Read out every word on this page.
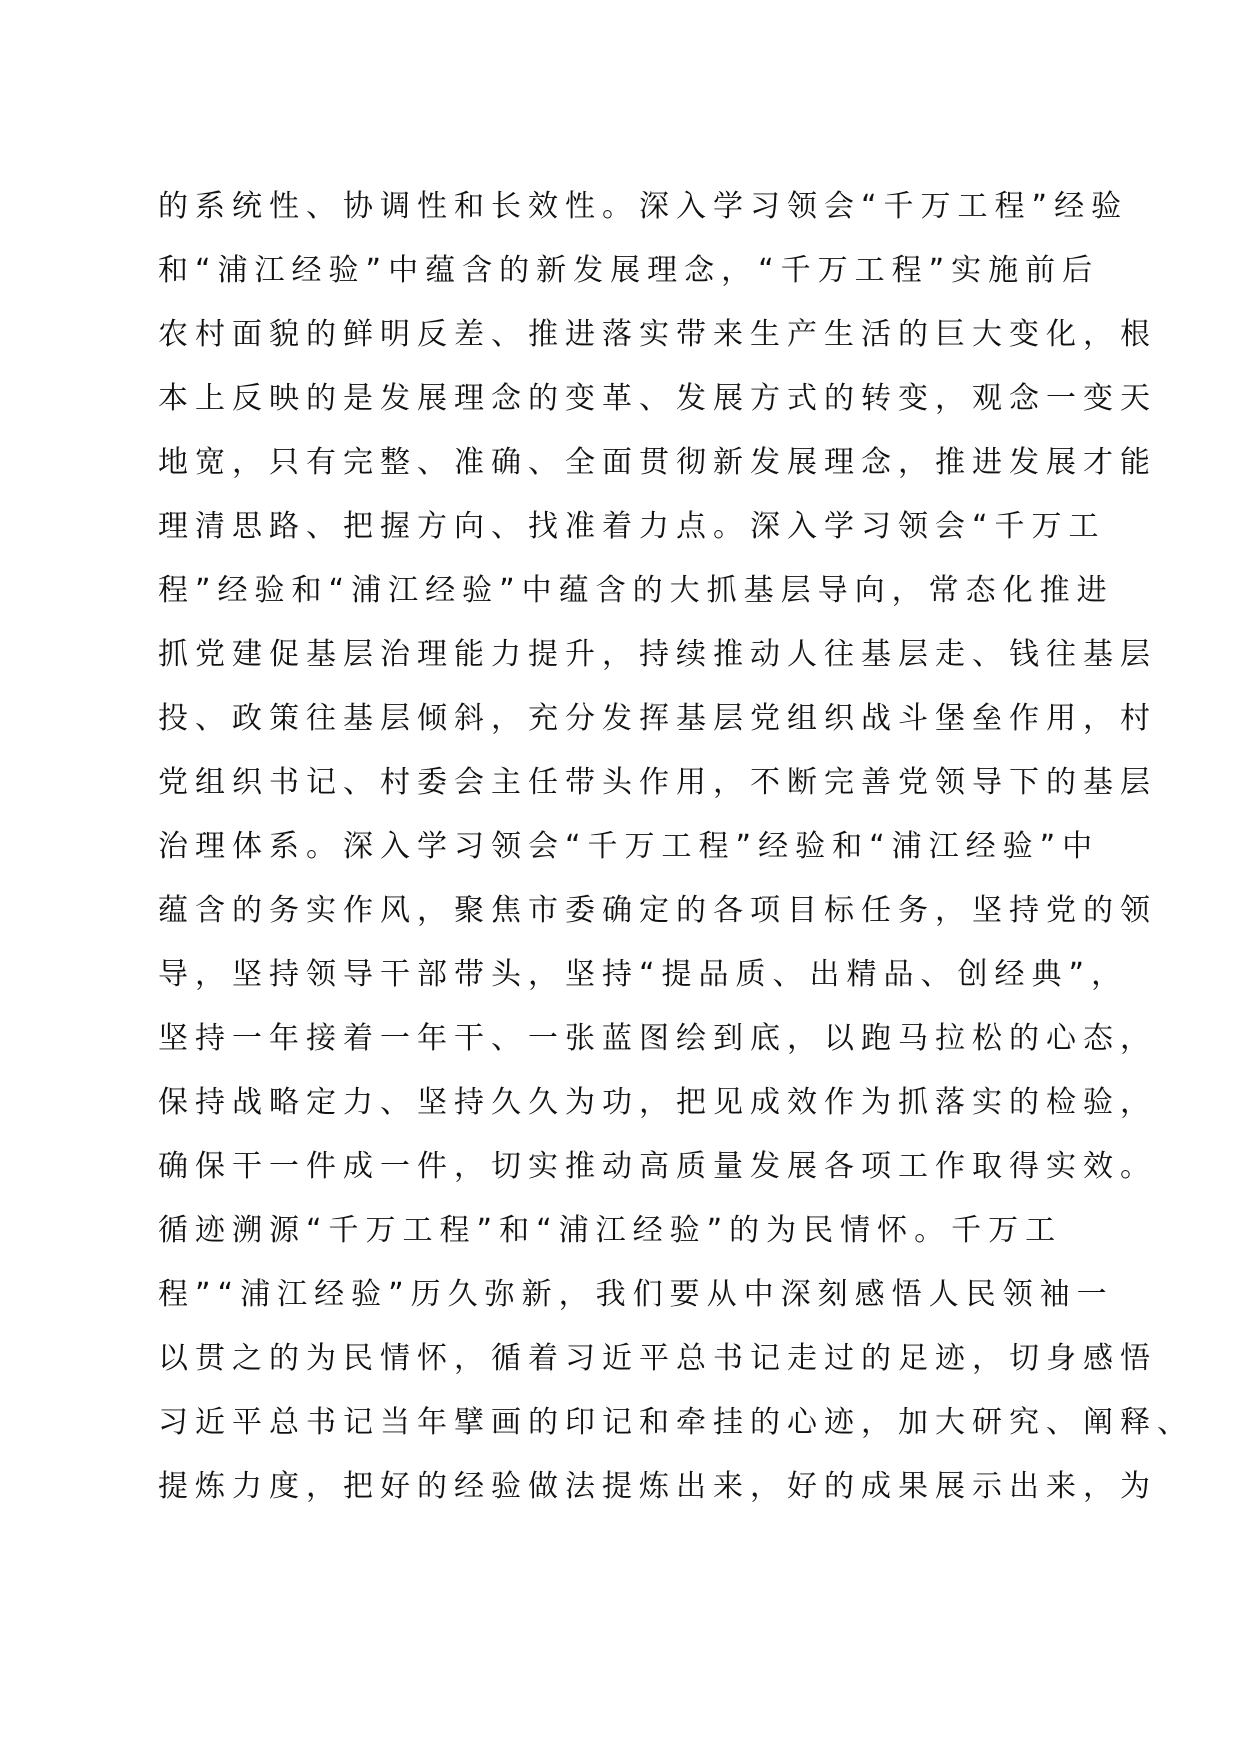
的系统性、协调性和长效性。深入学习领会“千万工程”经验
和“浦江经验”中蕴含的新发展理念，“千万工程”实施前后
农村面貌的鲜明反差、推进落实带来生产生活的巨大变化，根
本上反映的是发展理念的变革、发展方式的转变，观念一变天
地宽，只有完整、准确、全面贯彻新发展理念，推进发展才能
理清思路、把握方向、找准着力点。深入学习领会“千万工
程”经验和“浦江经验”中蕴含的大抓基层导向，常态化推进
抓党建促基层治理能力提升，持续推动人往基层走、钱往基层
投、政策往基层倾斜，充分发挥基层党组织战斗堡垒作用，村
党组织书记、村委会主任带头作用，不断完善党领导下的基层
治理体系。深入学习领会“千万工程”经验和“浦江经验”中
蕴含的务实作风，聚焦市委确定的各项目标任务，坚持党的领
导，坚持领导干部带头，坚持“提品质、出精品、创经典”，
坚持一年接着一年干、一张蓝图绘到底，以跑马拉松的心态，
保持战略定力、坚持久久为功，把见成效作为抓落实的检验，
确保干一件成一件，切实推动高质量发展各项工作取得实效。
循迹溯源“千万工程”和“浦江经验”的为民情怀。千万工
程”“浦江经验”历久弥新，我们要从中深刻感悟人民领袖一
以贯之的为民情怀，循着习近平总书记走过的足迹，切身感悟
习近平总书记当年擘画的印记和牵挂的心迹，加大研究、阐释、
提炼力度，把好的经验做法提炼出来，好的成果展示出来，为
